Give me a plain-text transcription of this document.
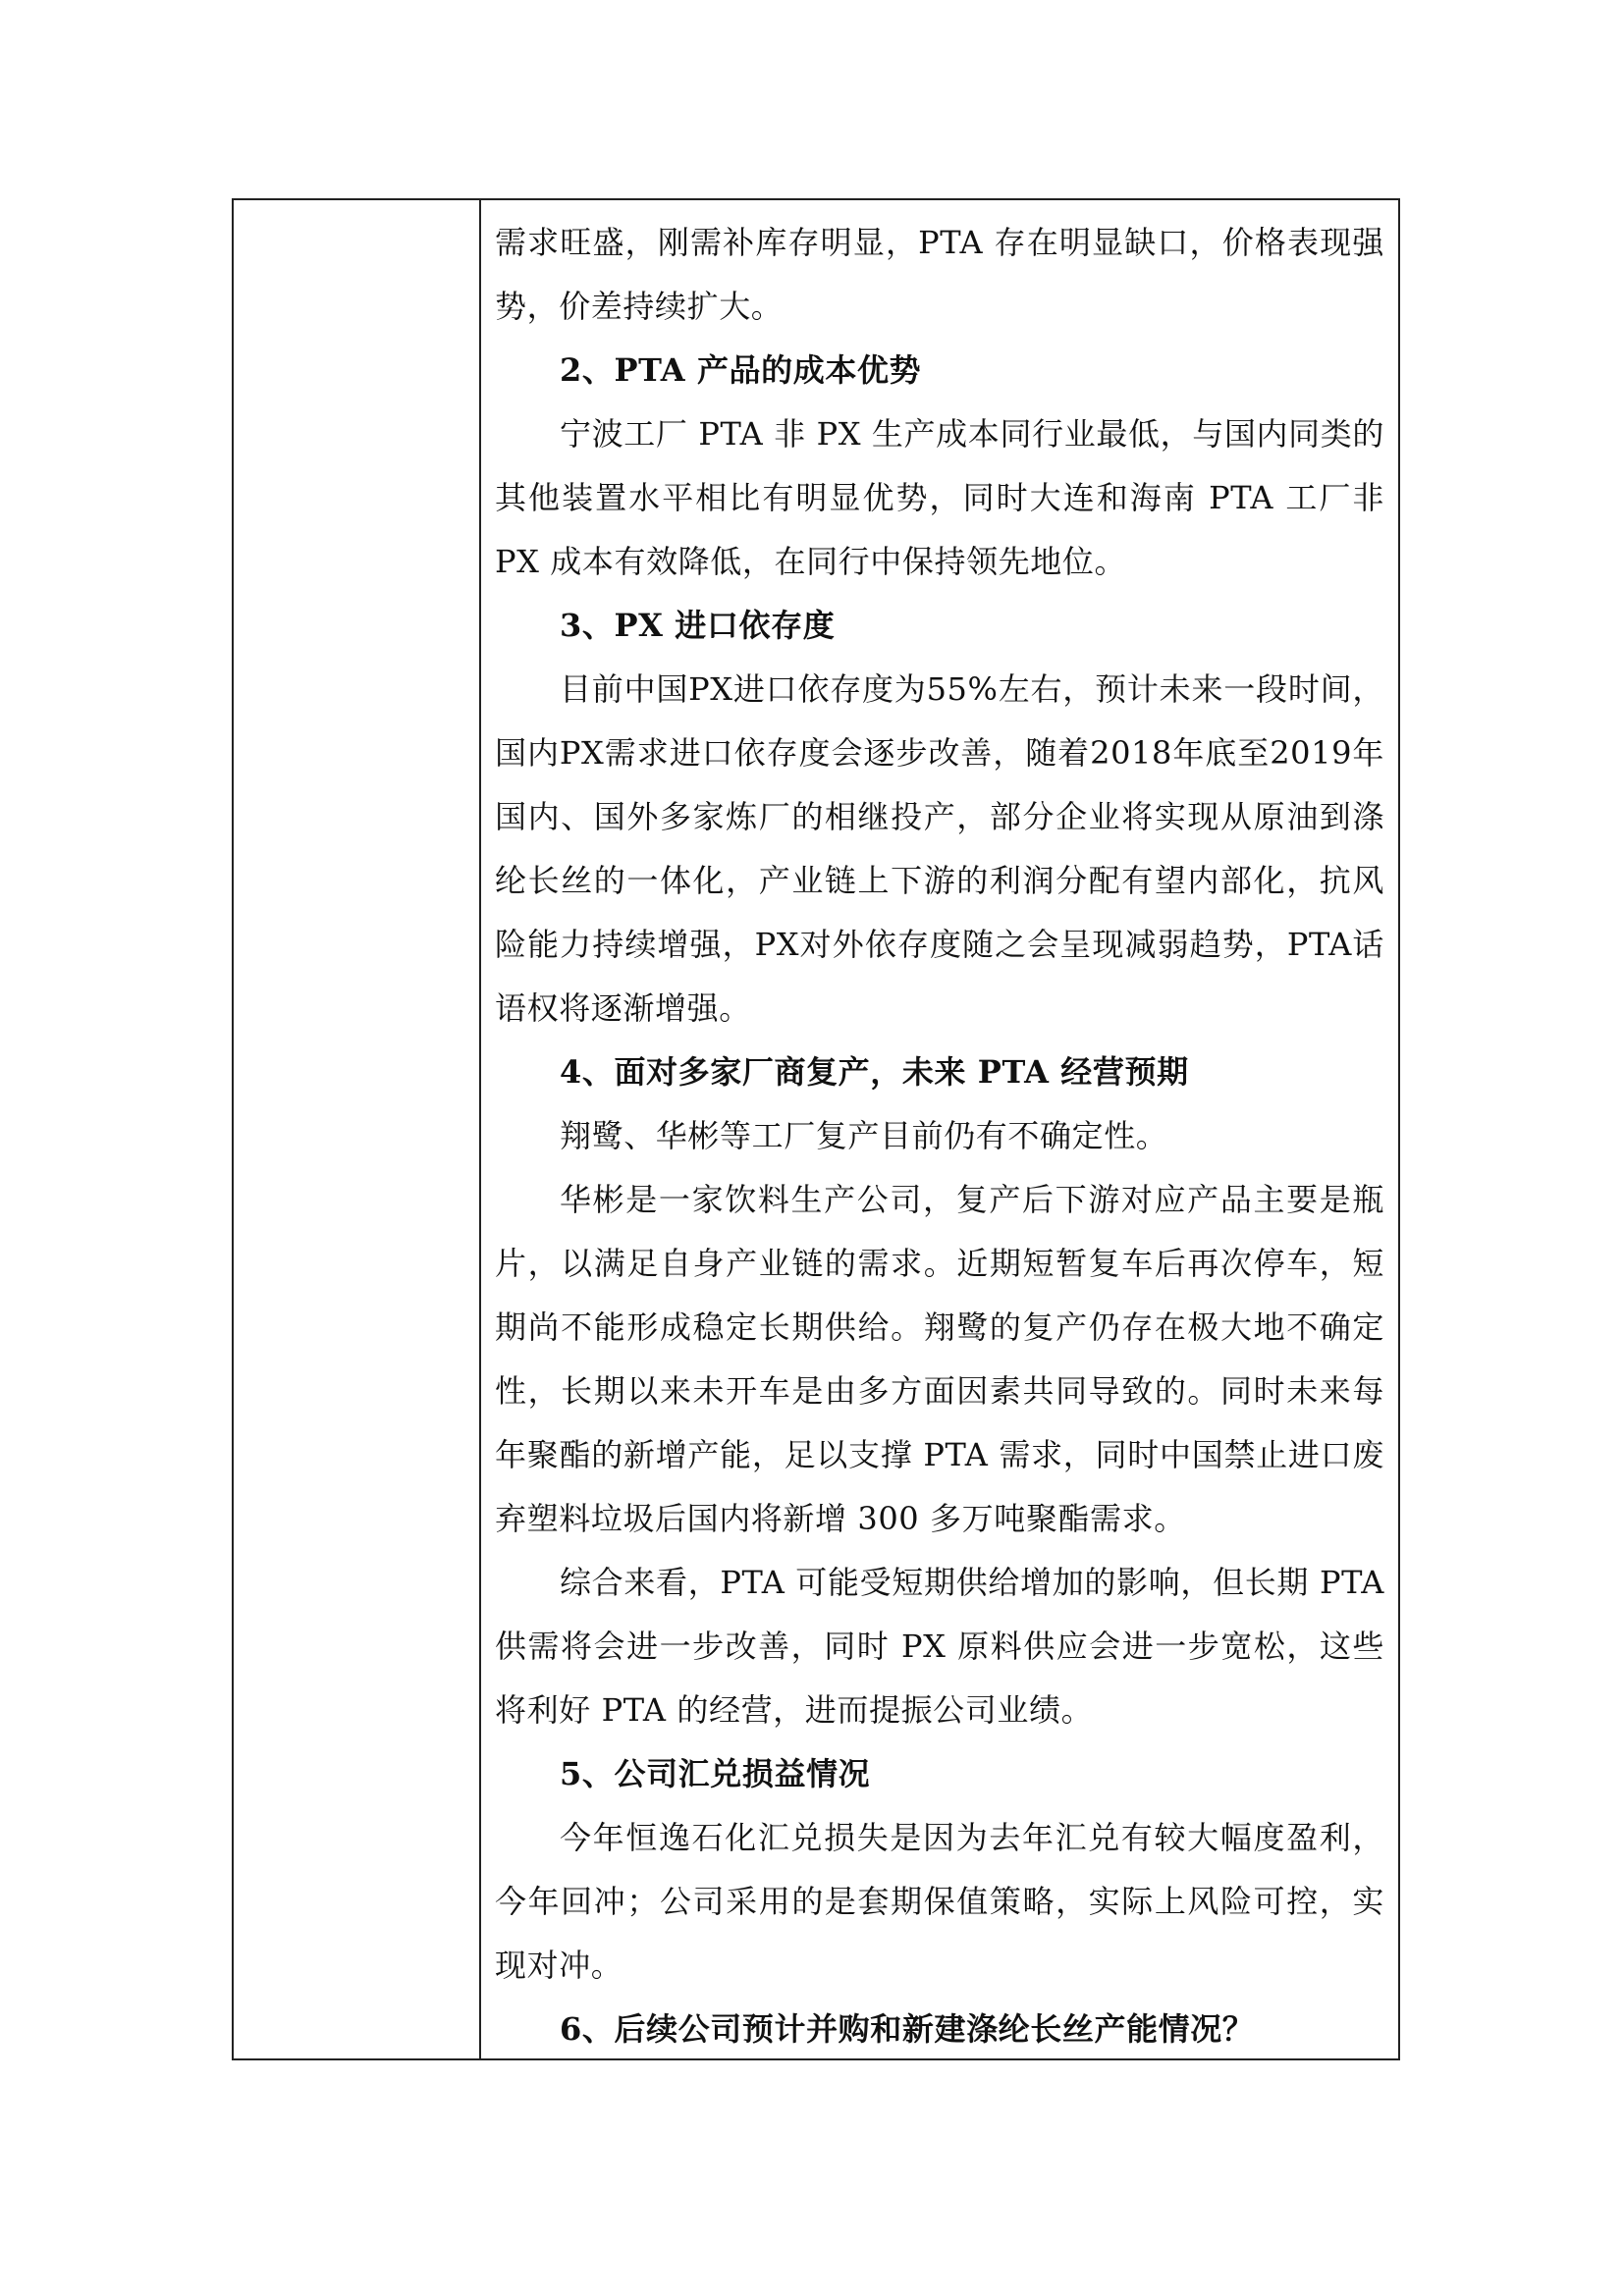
需求旺盛，刚需补库存明显，PTA 存在明显缺口，价格表现强势，价差持续扩大。

2、PTA 产品的成本优势

宁波工厂 PTA 非 PX 生产成本同行业最低，与国内同类的其他装置水平相比有明显优势，同时大连和海南 PTA 工厂非 PX 成本有效降低，在同行中保持领先地位。

3、PX 进口依存度

目前中国PX进口依存度为55%左右，预计未来一段时间，国内PX需求进口依存度会逐步改善，随着2018年底至2019年国内、国外多家炼厂的相继投产，部分企业将实现从原油到涤纶长丝的一体化，产业链上下游的利润分配有望内部化，抗风险能力持续增强，PX对外依存度随之会呈现减弱趋势，PTA话语权将逐渐增强。

4、面对多家厂商复产，未来 PTA 经营预期

翔鹭、华彬等工厂复产目前仍有不确定性。

华彬是一家饮料生产公司，复产后下游对应产品主要是瓶片，以满足自身产业链的需求。近期短暂复车后再次停车，短期尚不能形成稳定长期供给。翔鹭的复产仍存在极大地不确定性，长期以来未开车是由多方面因素共同导致的。同时未来每年聚酯的新增产能，足以支撑 PTA 需求，同时中国禁止进口废弃塑料垃圾后国内将新增 300 多万吨聚酯需求。

综合来看，PTA 可能受短期供给增加的影响，但长期 PTA 供需将会进一步改善，同时 PX 原料供应会进一步宽松，这些将利好 PTA 的经营，进而提振公司业绩。

5、公司汇兑损益情况

今年恒逸石化汇兑损失是因为去年汇兑有较大幅度盈利，今年回冲；公司采用的是套期保值策略，实际上风险可控，实现对冲。

6、后续公司预计并购和新建涤纶长丝产能情况？
